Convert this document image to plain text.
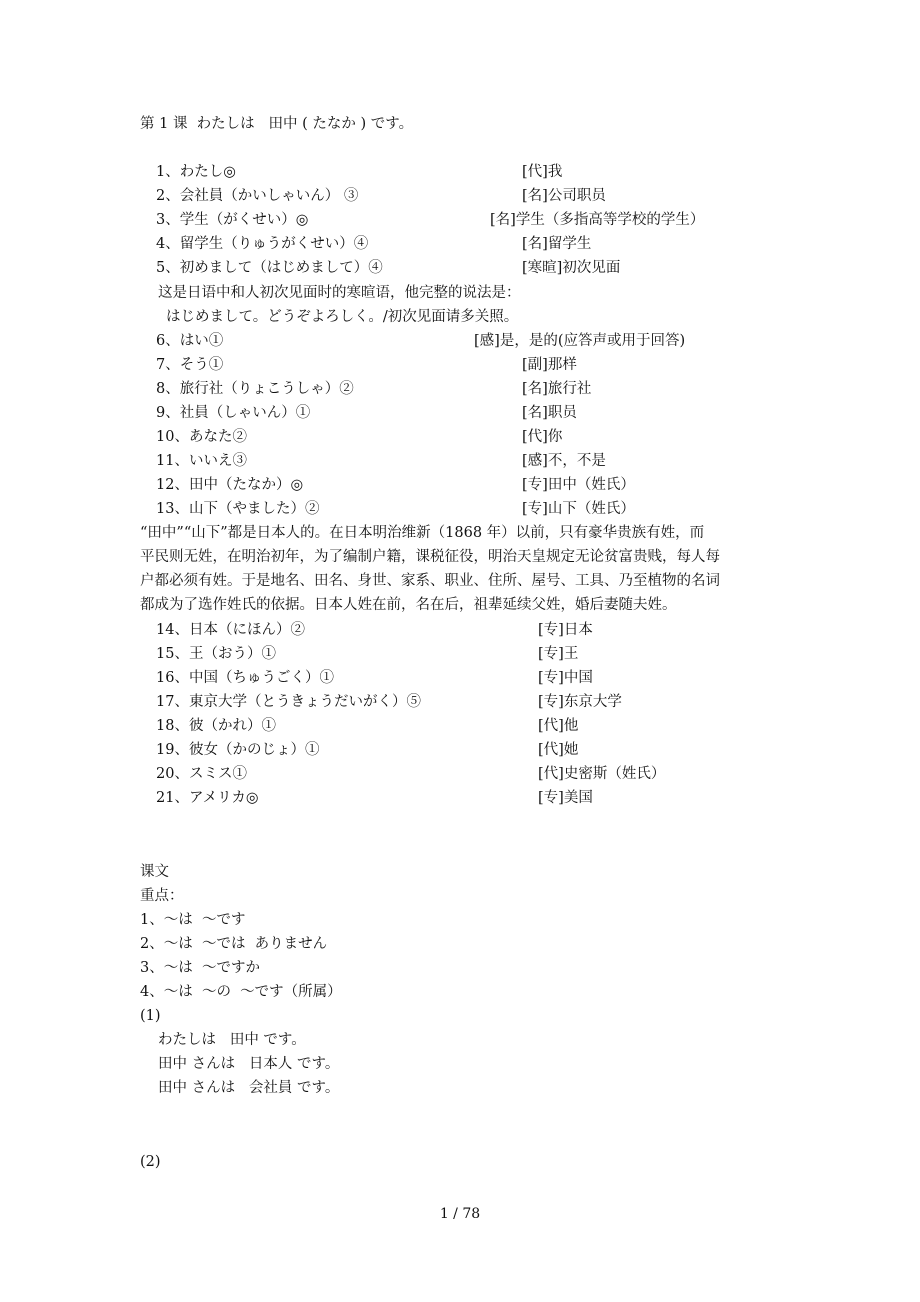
第 1 课  わたしは   田中 ( たなか ) です。
1、わたし◎	[代]我
2、会社員（かいしゃいん） ③	[名]公司职员
3、学生（がくせい）◎	[名]学生（多指高等学校的学生）
4、留学生（りゅうがくせい）④	[名]留学生
5、初めまして（はじめまして）④	[寒暄]初次见面
这是日语中和人初次见面时的寒暄语，他完整的说法是：
はじめまして。どうぞよろしく。/初次见面请多关照。
6、はい①	[感]是，是的(应答声或用于回答)
7、そう①	[副]那样
8、旅行社（りょこうしゃ）②	[名]旅行社
9、社員（しゃいん）①	[名]职员
10、あなた②	[代]你
11、いいえ③	[感]不，不是
12、田中（たなか）◎	[专]田中（姓氏）
13、山下（やました）②	[专]山下（姓氏）
“田中”“山下”都是日本人的。在日本明治维新（1868 年）以前，只有豪华贵族有姓，而
平民则无姓，在明治初年，为了编制户籍，课税征役，明治天皇规定无论贫富贵贱，每人每
户都必须有姓。于是地名、田名、身世、家系、职业、住所、屋号、工具、乃至植物的名词
都成为了选作姓氏的依据。日本人姓在前，名在后，祖辈延续父姓，婚后妻随夫姓。
14、日本（にほん）②	[专]日本
15、王（おう）①	[专]王
16、中国（ちゅうごく）①	[专]中国
17、東京大学（とうきょうだいがく）⑤	[专]东京大学
18、彼（かれ）①	[代]他
19、彼女（かのじょ）①	[代]她
20、スミス①	[代]史密斯（姓氏）
21、アメリカ◎	[专]美国
课文
重点：
1、～は  ～です
2、～は  ～では  ありません
3、～は  ～ですか
4、～は  ～の  ～です（所属）
(1)
わたしは   田中 です。
田中 さんは   日本人 です。
田中 さんは   会社員 です。
(2)
1 / 78
